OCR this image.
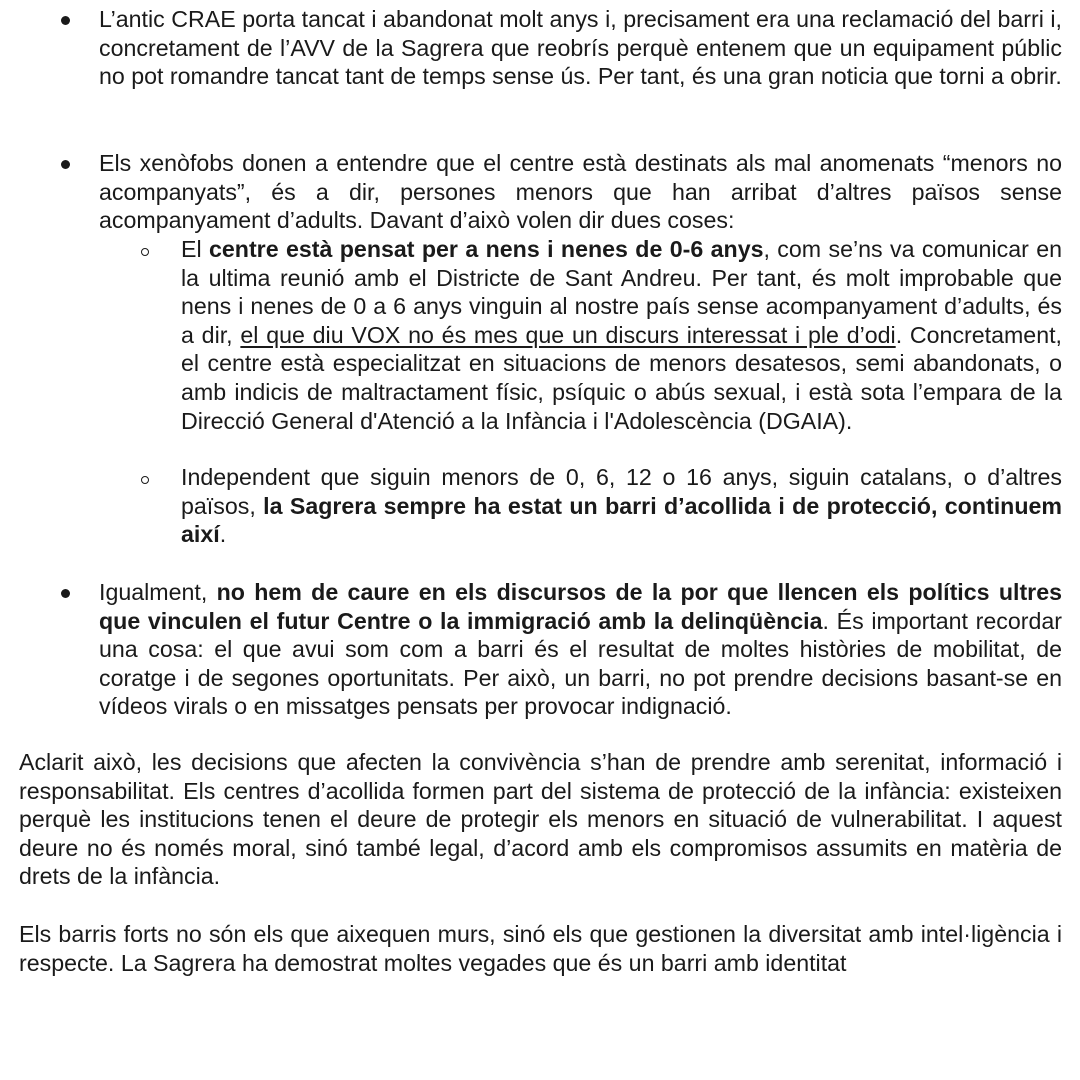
L’antic CRAE porta tancat i abandonat molt anys i, precisament era una reclamació del barri i, concretament de l’AVV de la Sagrera que reobrís perquè entenem que un equipament públic no pot romandre tancat tant de temps sense ús. Per tant, és una gran noticia que torni a obrir.

Els xenòfobs donen a entendre que el centre està destinats als mal anomenats “menors no acompanyats”, és a dir, persones menors que han arribat d’altres països sense acompanyament d’adults. Davant d’això volen dir dues coses:

El centre està pensat per a nens i nenes de 0-6 anys, com se’ns va comunicar en la ultima reunió amb el Districte de Sant Andreu. Per tant, és molt improbable que nens i nenes de 0 a 6 anys vinguin al nostre país sense acompanyament d’adults, és a dir, el que diu VOX no és mes que un discurs interessat i ple d’odi. Concretament, el centre està especialitzat en situacions de menors desatesos, semi abandonats, o amb indicis de maltractament físic, psíquic o abús sexual, i està sota l’empara de la Direcció General d'Atenció a la Infància i l'Adolescència (DGAIA).

Independent que siguin menors de 0, 6, 12 o 16 anys, siguin catalans, o d’altres països, la Sagrera sempre ha estat un barri d’acollida i de protecció, continuem així.

Igualment, no hem de caure en els discursos de la por que llencen els polítics ultres que vinculen el futur Centre o la immigració amb la delinqüència. És important recordar una cosa: el que avui som com a barri és el resultat de moltes històries de mobilitat, de coratge i de segones oportunitats. Per això, un barri, no pot prendre decisions basant-se en vídeos virals o en missatges pensats per provocar indignació.

Aclarit això, les decisions que afecten la convivència s’han de prendre amb serenitat, informació i responsabilitat. Els centres d’acollida formen part del sistema de protecció de la infància: existeixen perquè les institucions tenen el deure de protegir els menors en situació de vulnerabilitat. I aquest deure no és només moral, sinó també legal, d’acord amb els compromisos assumits en matèria de drets de la infància.

Els barris forts no són els que aixequen murs, sinó els que gestionen la diversitat amb intel·ligència i respecte. La Sagrera ha demostrat moltes vegades que és un barri amb identitat
